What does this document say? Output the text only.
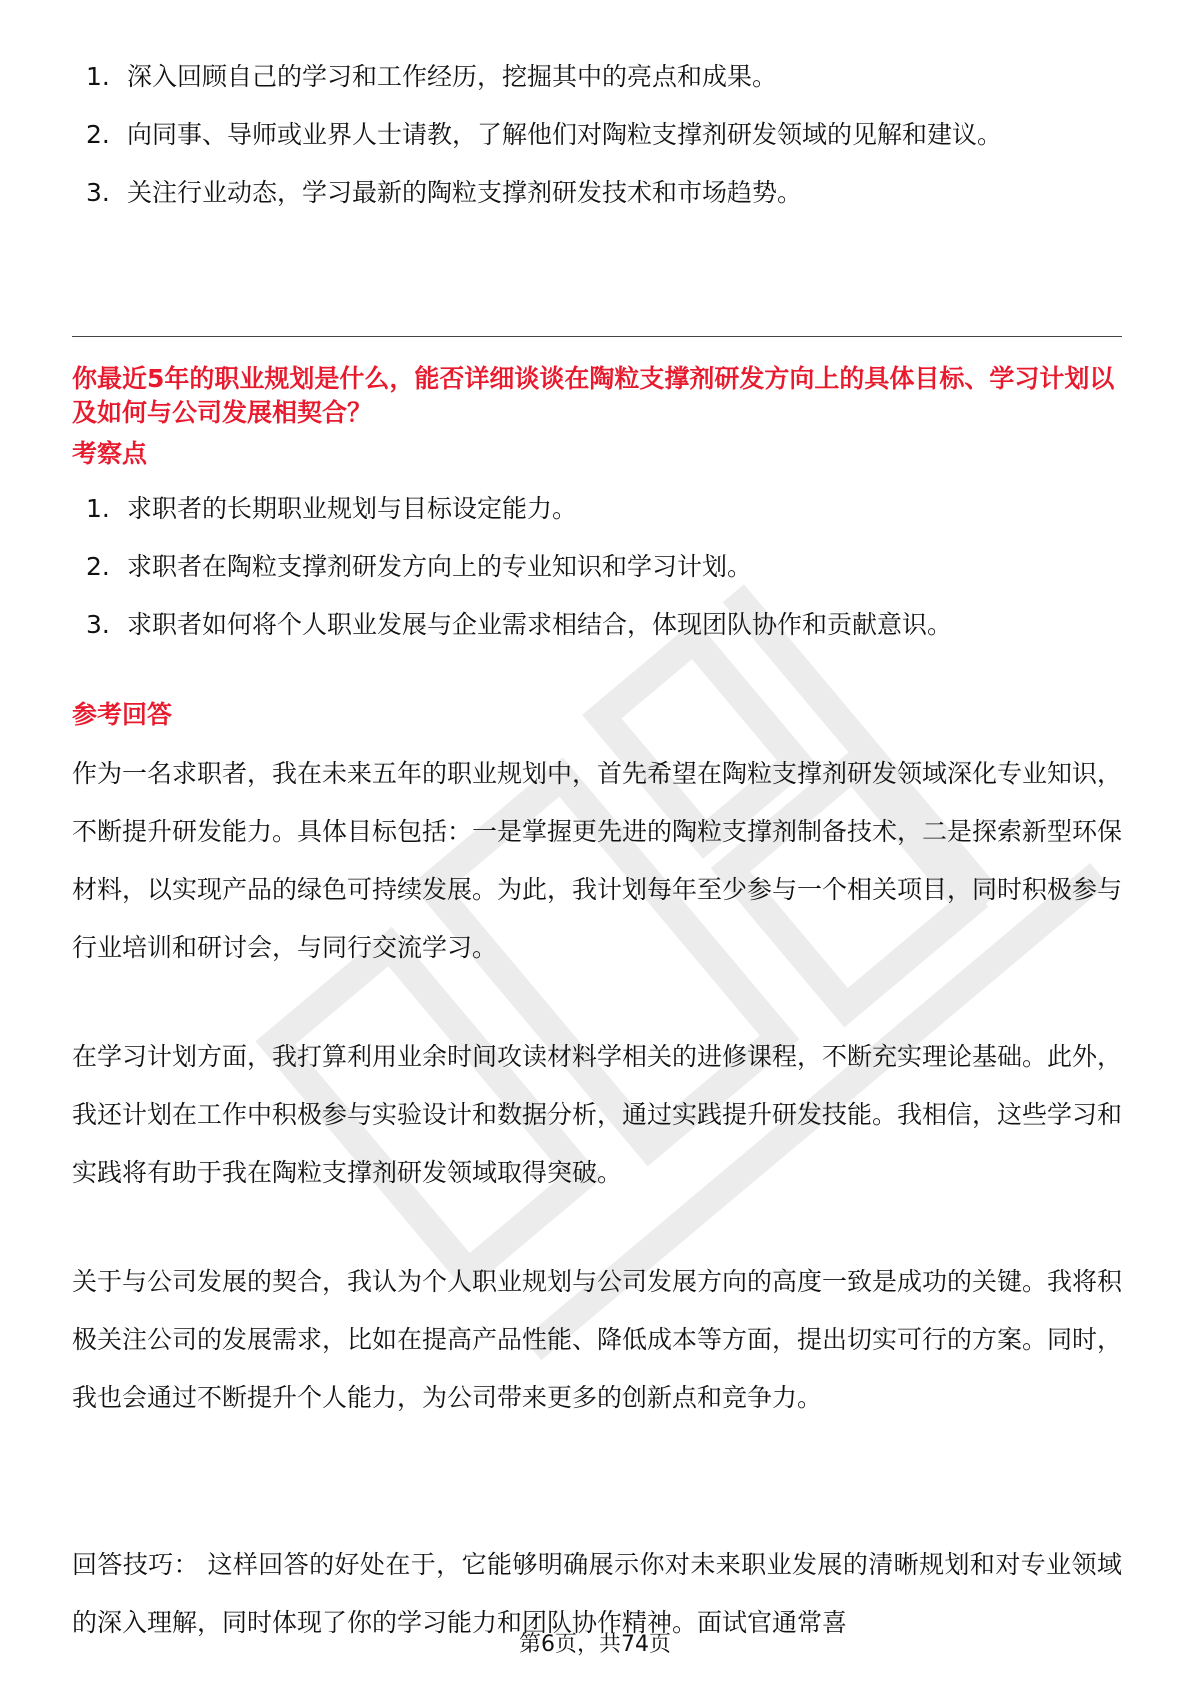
1. 深入回顾自己的学习和工作经历，挖掘其中的亮点和成果。
2. 向同事、导师或业界人士请教，了解他们对陶粒支撑剂研发领域的见解和建议。
3. 关注行业动态，学习最新的陶粒支撑剂研发技术和市场趋势。

你最近5年的职业规划是什么，能否详细谈谈在陶粒支撑剂研发方向上的具体目标、学习计划以及如何与公司发展相契合？

考察点

1. 求职者的长期职业规划与目标设定能力。
2. 求职者在陶粒支撑剂研发方向上的专业知识和学习计划。
3. 求职者如何将个人职业发展与企业需求相结合，体现团队协作和贡献意识。

参考回答

作为一名求职者，我在未来五年的职业规划中，首先希望在陶粒支撑剂研发领域深化专业知识，不断提升研发能力。具体目标包括：一是掌握更先进的陶粒支撑剂制备技术，二是探索新型环保材料，以实现产品的绿色可持续发展。为此，我计划每年至少参与一个相关项目，同时积极参与行业培训和研讨会，与同行交流学习。

在学习计划方面，我打算利用业余时间攻读材料学相关的进修课程，不断充实理论基础。此外，我还计划在工作中积极参与实验设计和数据分析，通过实践提升研发技能。我相信，这些学习和实践将有助于我在陶粒支撑剂研发领域取得突破。

关于与公司发展的契合，我认为个人职业规划与公司发展方向的高度一致是成功的关键。我将积极关注公司的发展需求，比如在提高产品性能、降低成本等方面，提出切实可行的方案。同时，我也会通过不断提升个人能力，为公司带来更多的创新点和竞争力。

回答技巧： 这样回答的好处在于，它能够明确展示你对未来职业发展的清晰规划和对专业领域的深入理解，同时体现了你的学习能力和团队协作精神。面试官通常喜

第6页，共74页
